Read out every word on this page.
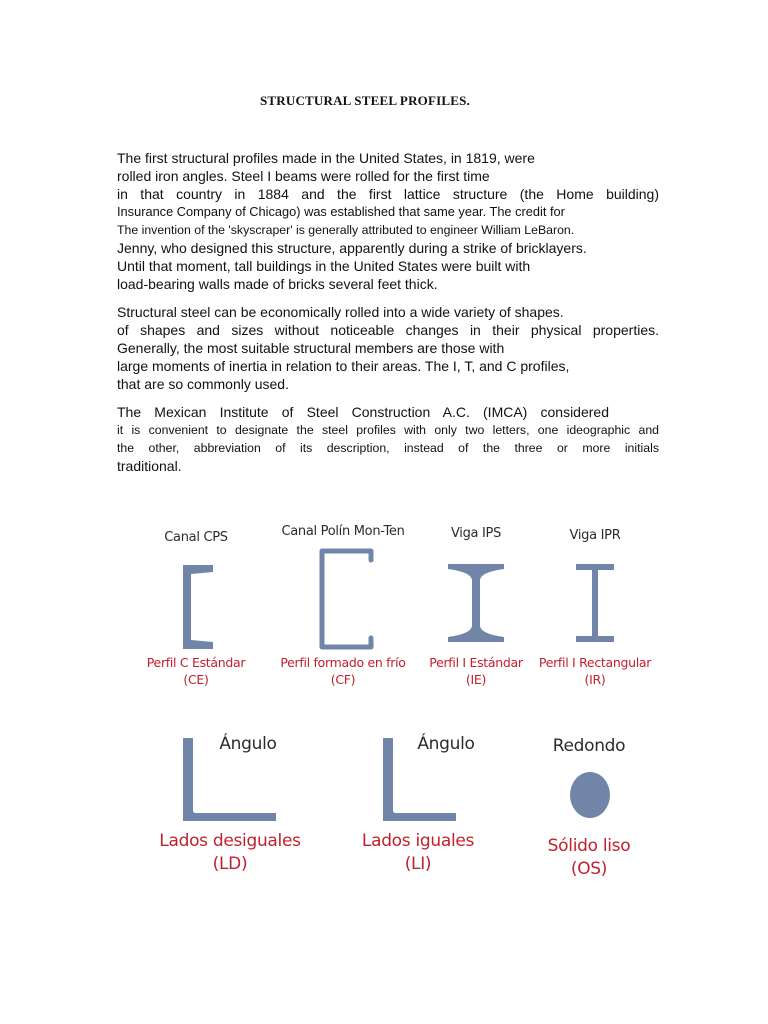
STRUCTURAL STEEL PROFILES.
The first structural profiles made in the United States, in 1819, were
rolled iron angles. Steel I beams were rolled for the first time
in that country in 1884 and the first lattice structure (the Home building)
Insurance Company of Chicago) was established that same year. The credit for
The invention of the 'skyscraper' is generally attributed to engineer William LeBaron.
Jenny, who designed this structure, apparently during a strike of bricklayers.
Until that moment, tall buildings in the United States were built with
load-bearing walls made of bricks several feet thick.
Structural steel can be economically rolled into a wide variety of shapes.
of shapes and sizes without noticeable changes in their physical properties.
Generally, the most suitable structural members are those with
large moments of inertia in relation to their areas. The I, T, and C profiles,
that are so commonly used.
The Mexican Institute of Steel Construction A.C. (IMCA) considered
it is convenient to designate the steel profiles with only two letters, one ideographic and
the other, abbreviation of its description, instead of the three or more initials
traditional.
Canal CPS
Perfil C Estándar
(CE)
Canal Polín Mon-Ten
Perfil formado en frío
(CF)
Viga IPS
Perfil I Estándar
(IE)
Viga IPR
Perfil I Rectangular
(IR)
Ángulo
Lados desiguales
(LD)
Ángulo
Lados iguales
(LI)
Redondo
Sólido liso
(OS)
